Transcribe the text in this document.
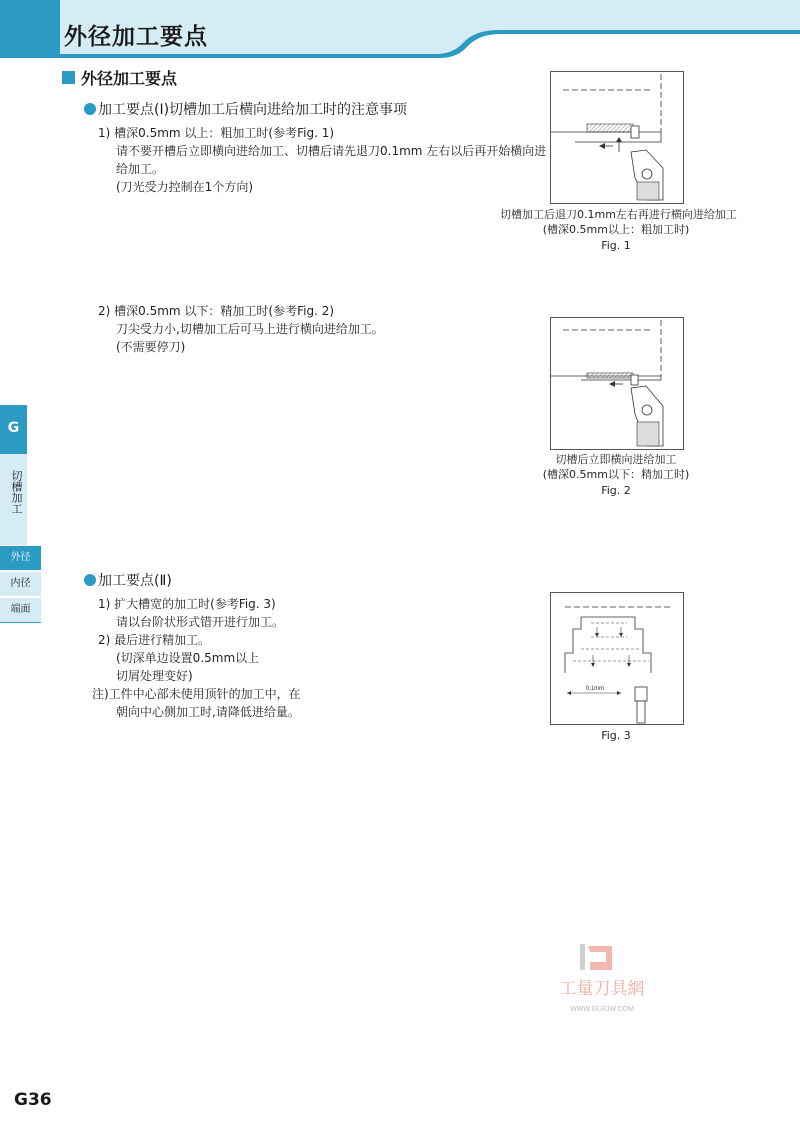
外径加工要点
外径加工要点
加工要点(Ⅰ)切槽加工后横向进给加工时的注意事项
1) 槽深0.5mm 以上：粗加工时(参考Fig. 1)
请不要开槽后立即横向进给加工、切槽后请先退刀0.1mm 左右以后再开始横向进
给加工。
(刀光受力控制在1个方向)
2) 槽深0.5mm 以下：精加工时(参考Fig. 2)
刀尖受力小,切槽加工后可马上进行横向进给加工。
(不需要停刀)
切槽加工后退刀0.1mm左右再进行横向进给加工
(槽深0.5mm以上：粗加工时)
Fig. 1
切槽后立即横向进给加工
(槽深0.5mm以下：精加工时)
Fig. 2
加工要点(Ⅱ)
1) 扩大槽宽的加工时(参考Fig. 3)
请以台阶状形式错开进行加工。
2) 最后进行精加工。
(切深单边设置0.5mm以上
切屑处理变好)
注)工件中心部未使用顶针的加工中，在
朝向中心侧加工时,请降低进给量。
0.1mm
Fig. 3
G
切槽加工
外径
内径
端面
工量刀具網
WWW.GLRJW.COM
G36
